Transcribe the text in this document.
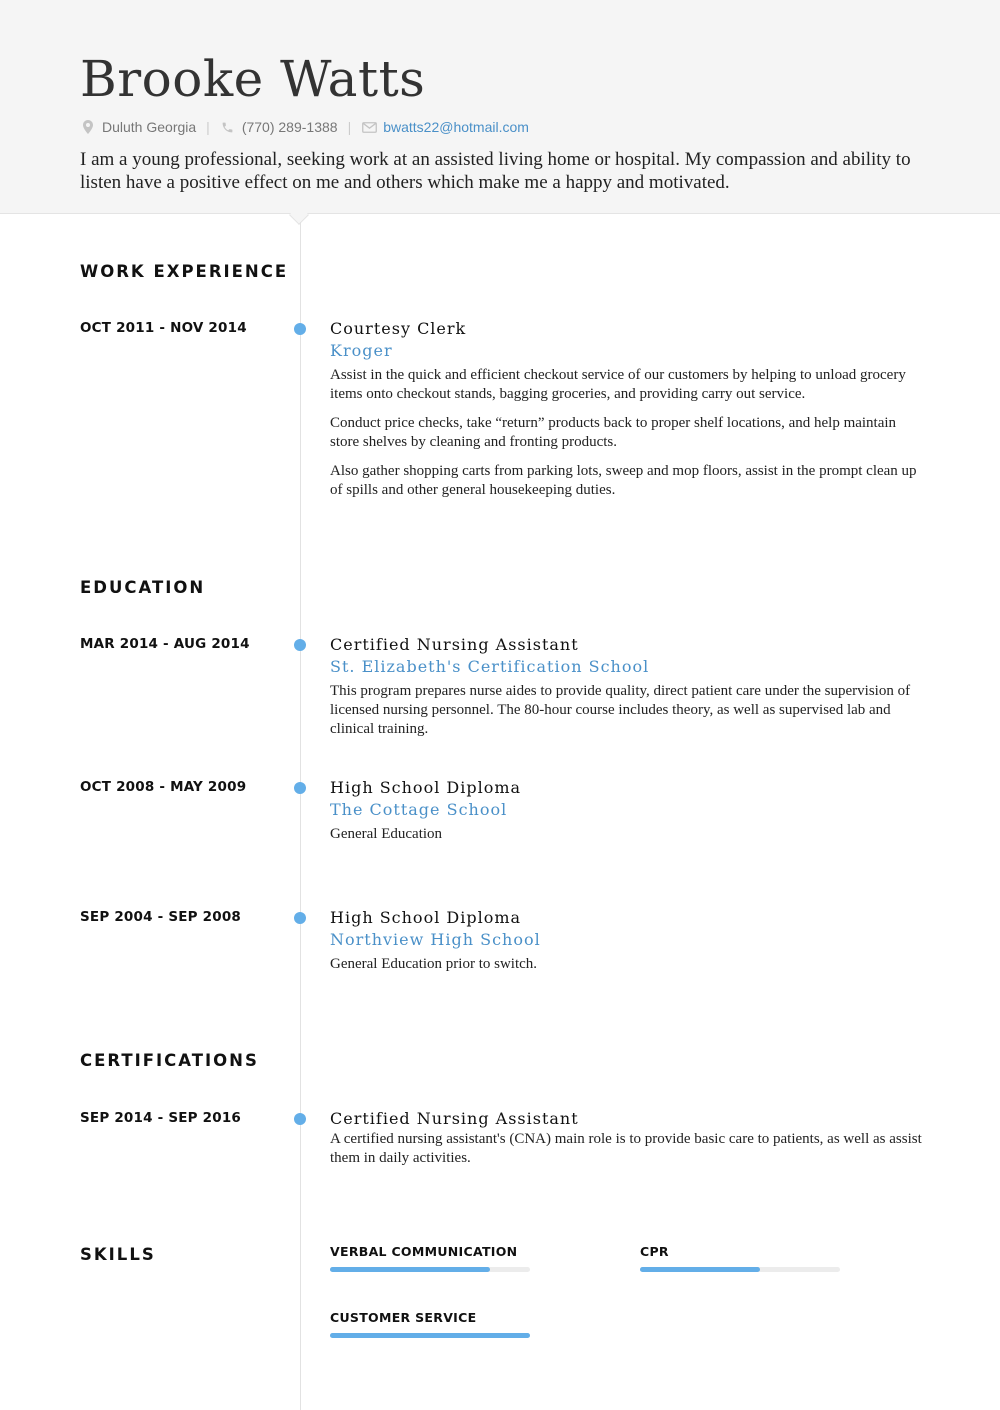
Brooke Watts
Duluth Georgia | (770) 289-1388 | bwatts22@hotmail.com
I am a young professional, seeking work at an assisted living home or hospital. My compassion and ability to listen have a positive effect on me and others which make me a happy and motivated.
WORK EXPERIENCE
OCT 2011 - NOV 2014	Courtesy Clerk
Kroger
Assist in the quick and efficient checkout service of our customers by helping to unload grocery items onto checkout stands, bagging groceries, and providing carry out service.
Conduct price checks, take “return” products back to proper shelf locations, and help maintain store shelves by cleaning and fronting products.
Also gather shopping carts from parking lots, sweep and mop floors, assist in the prompt clean up of spills and other general housekeeping duties.
EDUCATION
MAR 2014 - AUG 2014	Certified Nursing Assistant
St. Elizabeth's Certification School
This program prepares nurse aides to provide quality, direct patient care under the supervision of licensed nursing personnel. The 80-hour course includes theory, as well as supervised lab and clinical training.
OCT 2008 - MAY 2009	High School Diploma
The Cottage School
General Education
SEP 2004 - SEP 2008	High School Diploma
Northview High School
General Education prior to switch.
CERTIFICATIONS
SEP 2014 - SEP 2016	Certified Nursing Assistant
A certified nursing assistant's (CNA) main role is to provide basic care to patients, as well as assist them in daily activities.
SKILLS	VERBAL COMMUNICATION	CPR
CUSTOMER SERVICE
